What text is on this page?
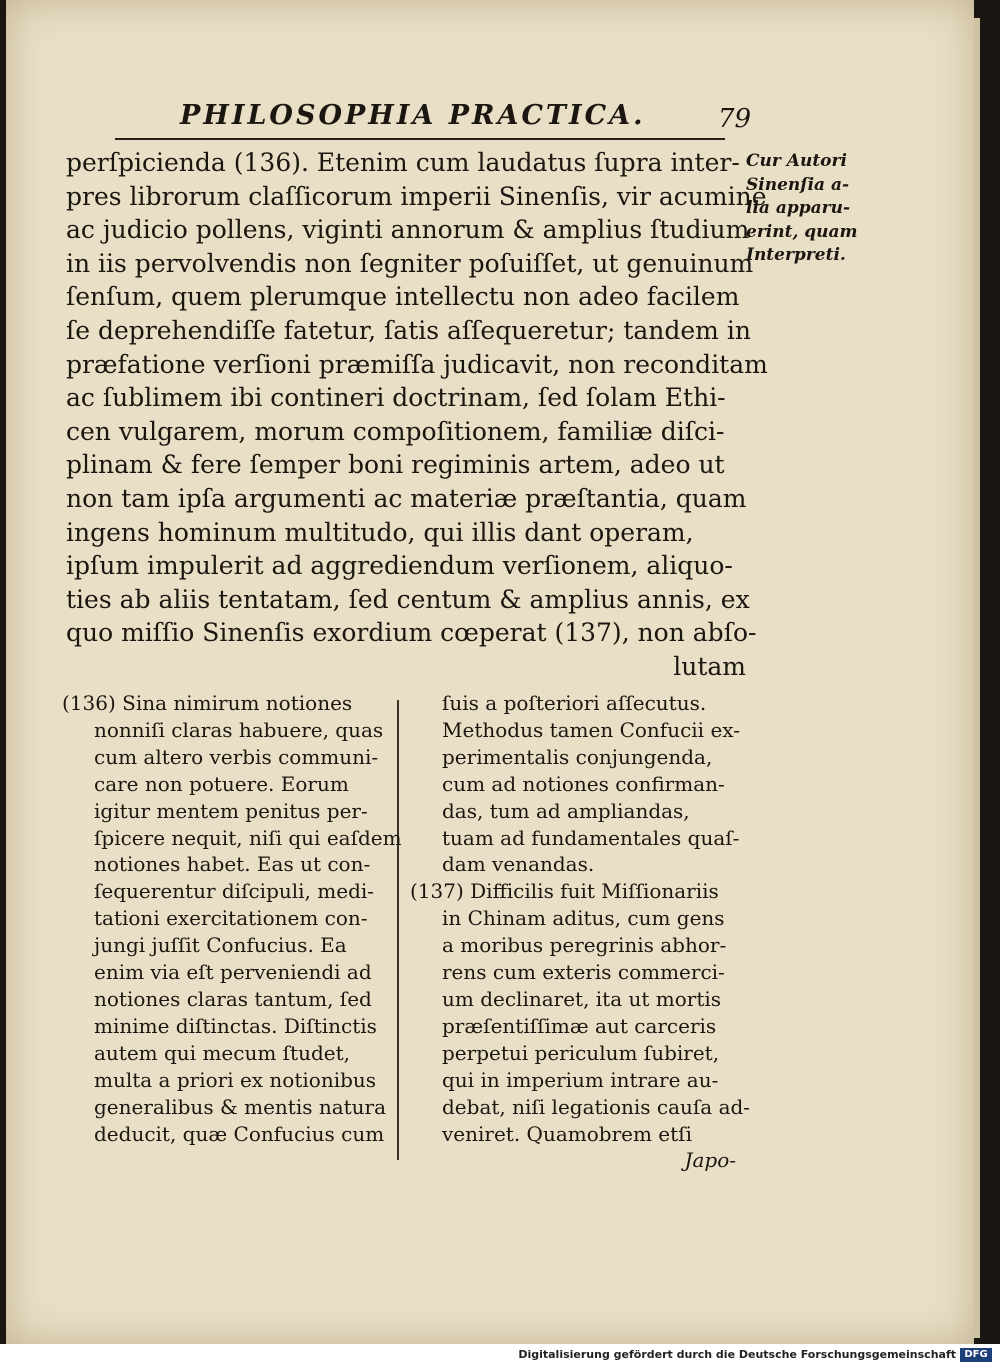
PHILOSOPHIA PRACTICA.	79
perſpicienda (136). Etenim cum laudatus ſupra inter-
pres librorum claſſicorum imperii Sinenſis, vir acumine
ac judicio pollens, viginti annorum & amplius ſtudium
in iis pervolvendis non ſegniter poſuiſſet, ut genuinum
ſenſum, quem plerumque intellectu non adeo facilem
ſe deprehendiſſe fatetur, ſatis aſſequeretur; tandem in
præfatione verſioni præmiſſa judicavit, non reconditam
ac ſublimem ibi contineri doctrinam, ſed ſolam Ethi-
cen vulgarem, morum compoſitionem, familiæ diſci-
plinam & fere ſemper boni regiminis artem, adeo ut
non tam ipſa argumenti ac materiæ præſtantia, quam
ingens hominum multitudo, qui illis dant operam,
ipſum impulerit ad aggrediendum verſionem, aliquo-
ties ab aliis tentatam, ſed centum & amplius annis, ex
quo miſſio Sinenſis exordium cœperat (137), non abſo-
lutam
Cur Autori
Sinenſia a-
lia apparu-
erint, quam
Interpreti.
(136) Sina nimirum notiones
nonniſi claras habuere, quas
cum altero verbis communi-
care non potuere. Eorum
igitur mentem penitus per-
ſpicere nequit, niſi qui eaſdem
notiones habet. Eas ut con-
ſequerentur diſcipuli, medi-
tationi exercitationem con-
jungi juſſit Confucius. Ea
enim via eſt perveniendi ad
notiones claras tantum, ſed
minime diſtinctas. Diſtinctis
autem qui mecum ſtudet,
multa a priori ex notionibus
generalibus & mentis natura
deducit, quæ Confucius cum
ſuis a poſteriori aſſecutus.
Methodus tamen Confucii ex-
perimentalis conjungenda,
cum ad notiones confirman-
das, tum ad ampliandas,
tuam ad fundamentales quaſ-
dam venandas.
(137) Difficilis fuit Miſſionariis
in Chinam aditus, cum gens
a moribus peregrinis abhor-
rens cum exteris commerci-
um declinaret, ita ut mortis
præſentiſſimæ aut carceris
perpetui periculum ſubiret,
qui in imperium intrare au-
debat, niſi legationis cauſa ad-
veniret. Quamobrem etſi
Japo-
Digitalisierung gefördert durch die Deutsche Forschungsgemeinschaft DFG
